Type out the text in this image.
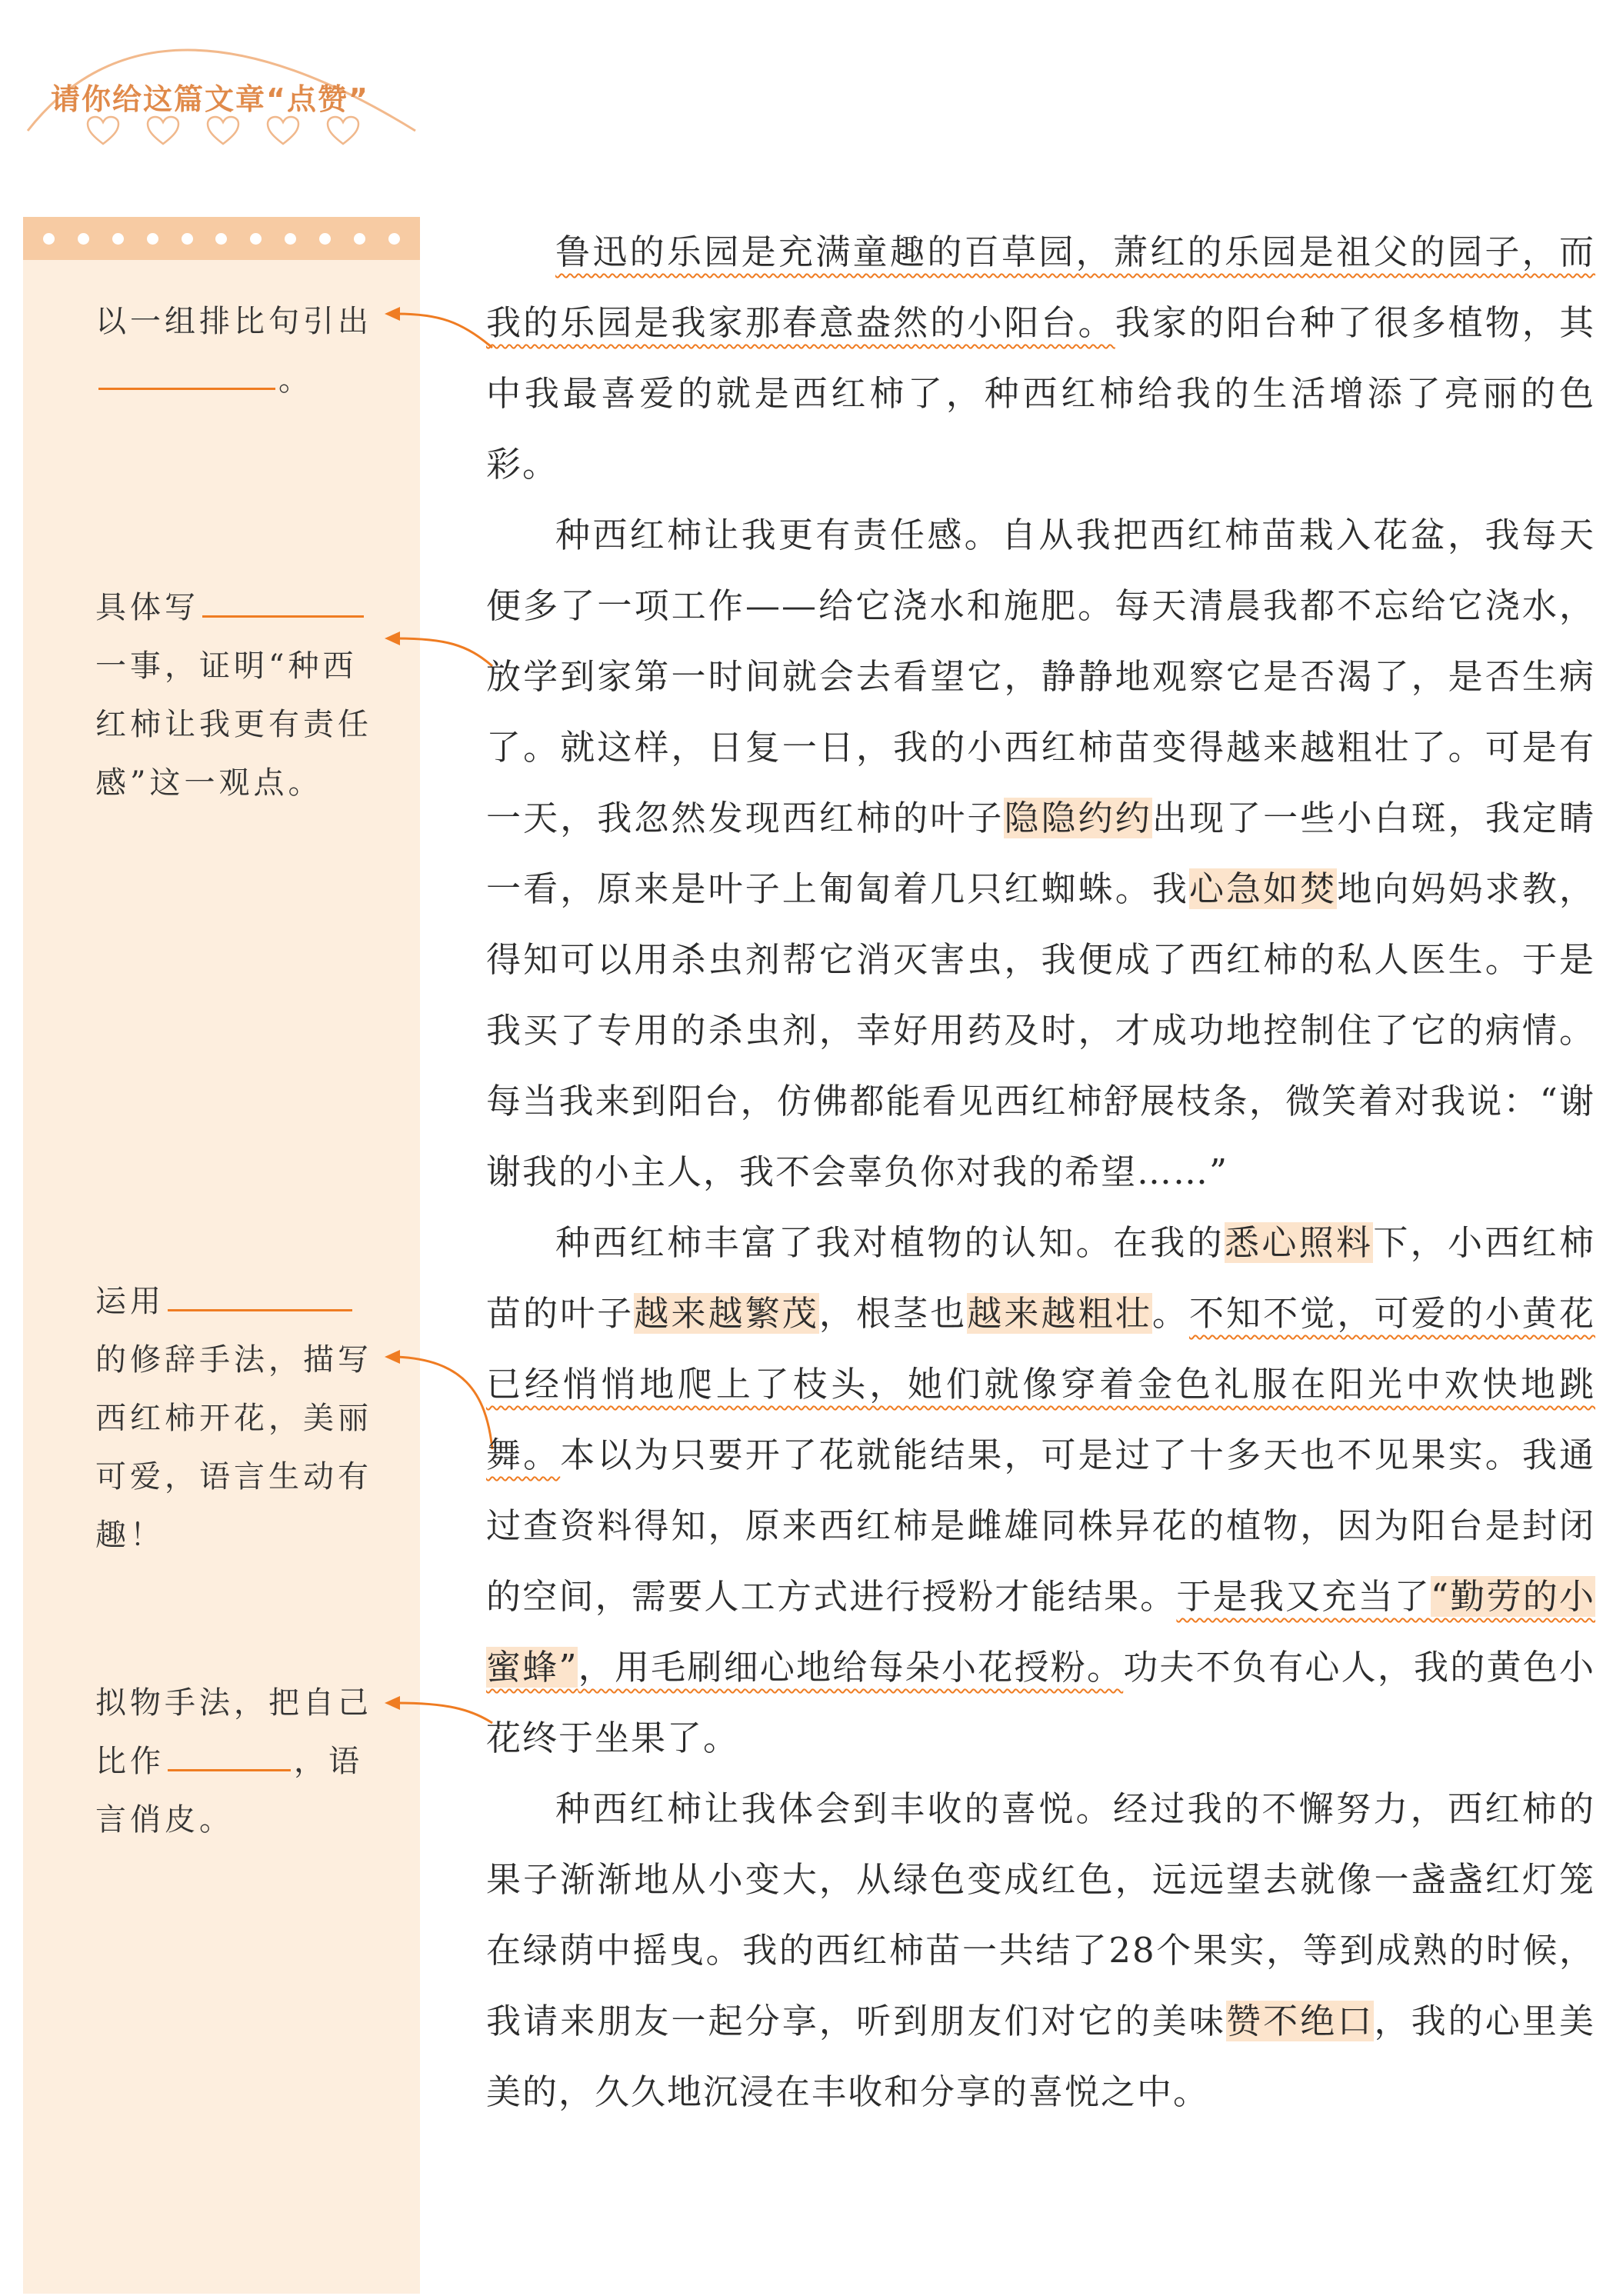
请你给这篇文章“点赞”
以一组排比句引出。
具体写一事，证明“种西红柿让我更有责任感”这一观点。
运用的修辞手法，描写西红柿开花，美丽可爱，语言生动有趣！
拟物手法，把自己比作	，语言俏皮。

鲁迅的乐园是充满童趣的百草园，萧红的乐园是祖父的园子，而我的乐园是我家那春意盎然的小阳台。我家的阳台种了很多植物，其中我最喜爱的就是西红柿了，种西红柿给我的生活增添了亮丽的色彩。

种西红柿让我更有责任感。自从我把西红柿苗栽入花盆，我每天便多了一项工作——给它浇水和施肥。每天清晨我都不忘给它浇水，放学到家第一时间就会去看望它，静静地观察它是否渴了，是否生病了。就这样，日复一日，我的小西红柿苗变得越来越粗壮了。可是有一天，我忽然发现西红柿的叶子隐隐约约出现了一些小白斑，我定睛一看，原来是叶子上匍匐着几只红蜘蛛。我心急如焚地向妈妈求教，得知可以用杀虫剂帮它消灭害虫，我便成了西红柿的私人医生。于是我买了专用的杀虫剂，幸好用药及时，才成功地控制住了它的病情。每当我来到阳台，仿佛都能看见西红柿舒展枝条，微笑着对我说：“谢谢我的小主人，我不会辜负你对我的希望……”

种西红柿丰富了我对植物的认知。在我的悉心照料下，小西红柿苗的叶子越来越繁茂，根茎也越来越粗壮。不知不觉，可爱的小黄花已经悄悄地爬上了枝头，她们就像穿着金色礼服在阳光中欢快地跳舞。本以为只要开了花就能结果，可是过了十多天也不见果实。我通过查资料得知，原来西红柿是雌雄同株异花的植物，因为阳台是封闭的空间，需要人工方式进行授粉才能结果。于是我又充当了“勤劳的小蜜蜂”，用毛刷细心地给每朵小花授粉。功夫不负有心人，我的黄色小花终于坐果了。

种西红柿让我体会到丰收的喜悦。经过我的不懈努力，西红柿的果子渐渐地从小变大，从绿色变成红色，远远望去就像一盏盏红灯笼在绿荫中摇曳。我的西红柿苗一共结了28个果实，等到成熟的时候，我请来朋友一起分享，听到朋友们对它的美味赞不绝口，我的心里美美的，久久地沉浸在丰收和分享的喜悦之中。
